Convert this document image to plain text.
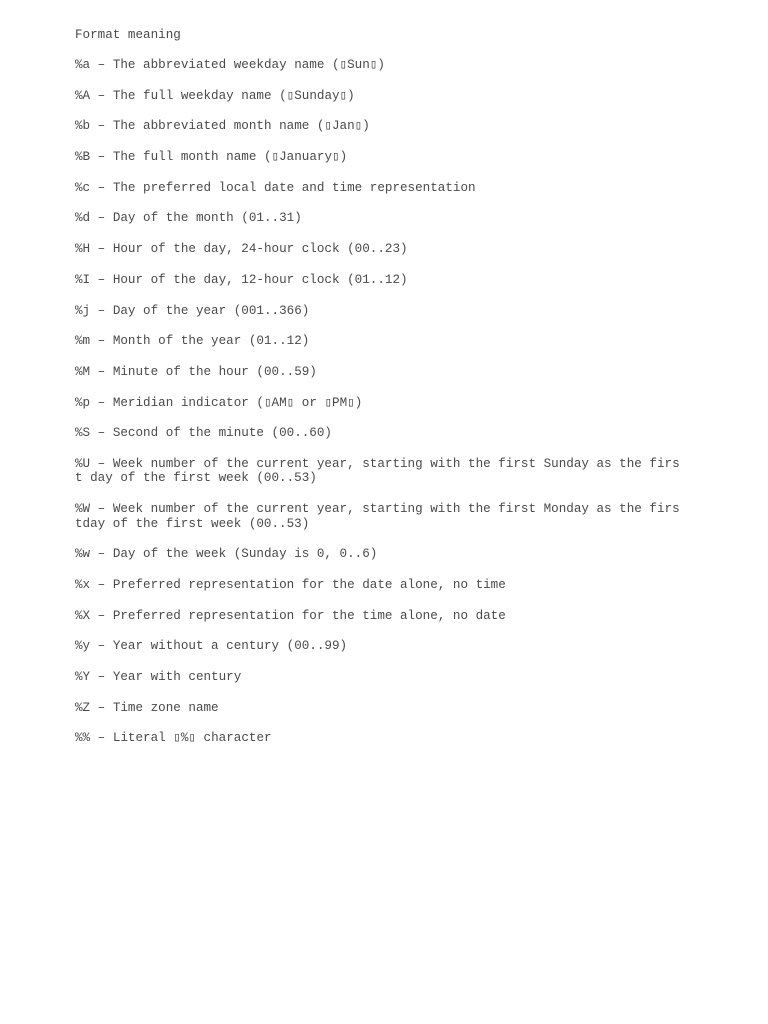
Format meaning
%a – The abbreviated weekday name (▯Sun▯)
%A – The full weekday name (▯Sunday▯)
%b – The abbreviated month name (▯Jan▯)
%B – The full month name (▯January▯)
%c – The preferred local date and time representation
%d – Day of the month (01..31)
%H – Hour of the day, 24-hour clock (00..23)
%I – Hour of the day, 12-hour clock (01..12)
%j – Day of the year (001..366)
%m – Month of the year (01..12)
%M – Minute of the hour (00..59)
%p – Meridian indicator (▯AM▯ or ▯PM▯)
%S – Second of the minute (00..60)
%U – Week number of the current year, starting with the first Sunday as the firs
t day of the first week (00..53)
%W – Week number of the current year, starting with the first Monday as the firs
tday of the first week (00..53)
%w – Day of the week (Sunday is 0, 0..6)
%x – Preferred representation for the date alone, no time
%X – Preferred representation for the time alone, no date
%y – Year without a century (00..99)
%Y – Year with century
%Z – Time zone name
%% – Literal ▯%▯ character
